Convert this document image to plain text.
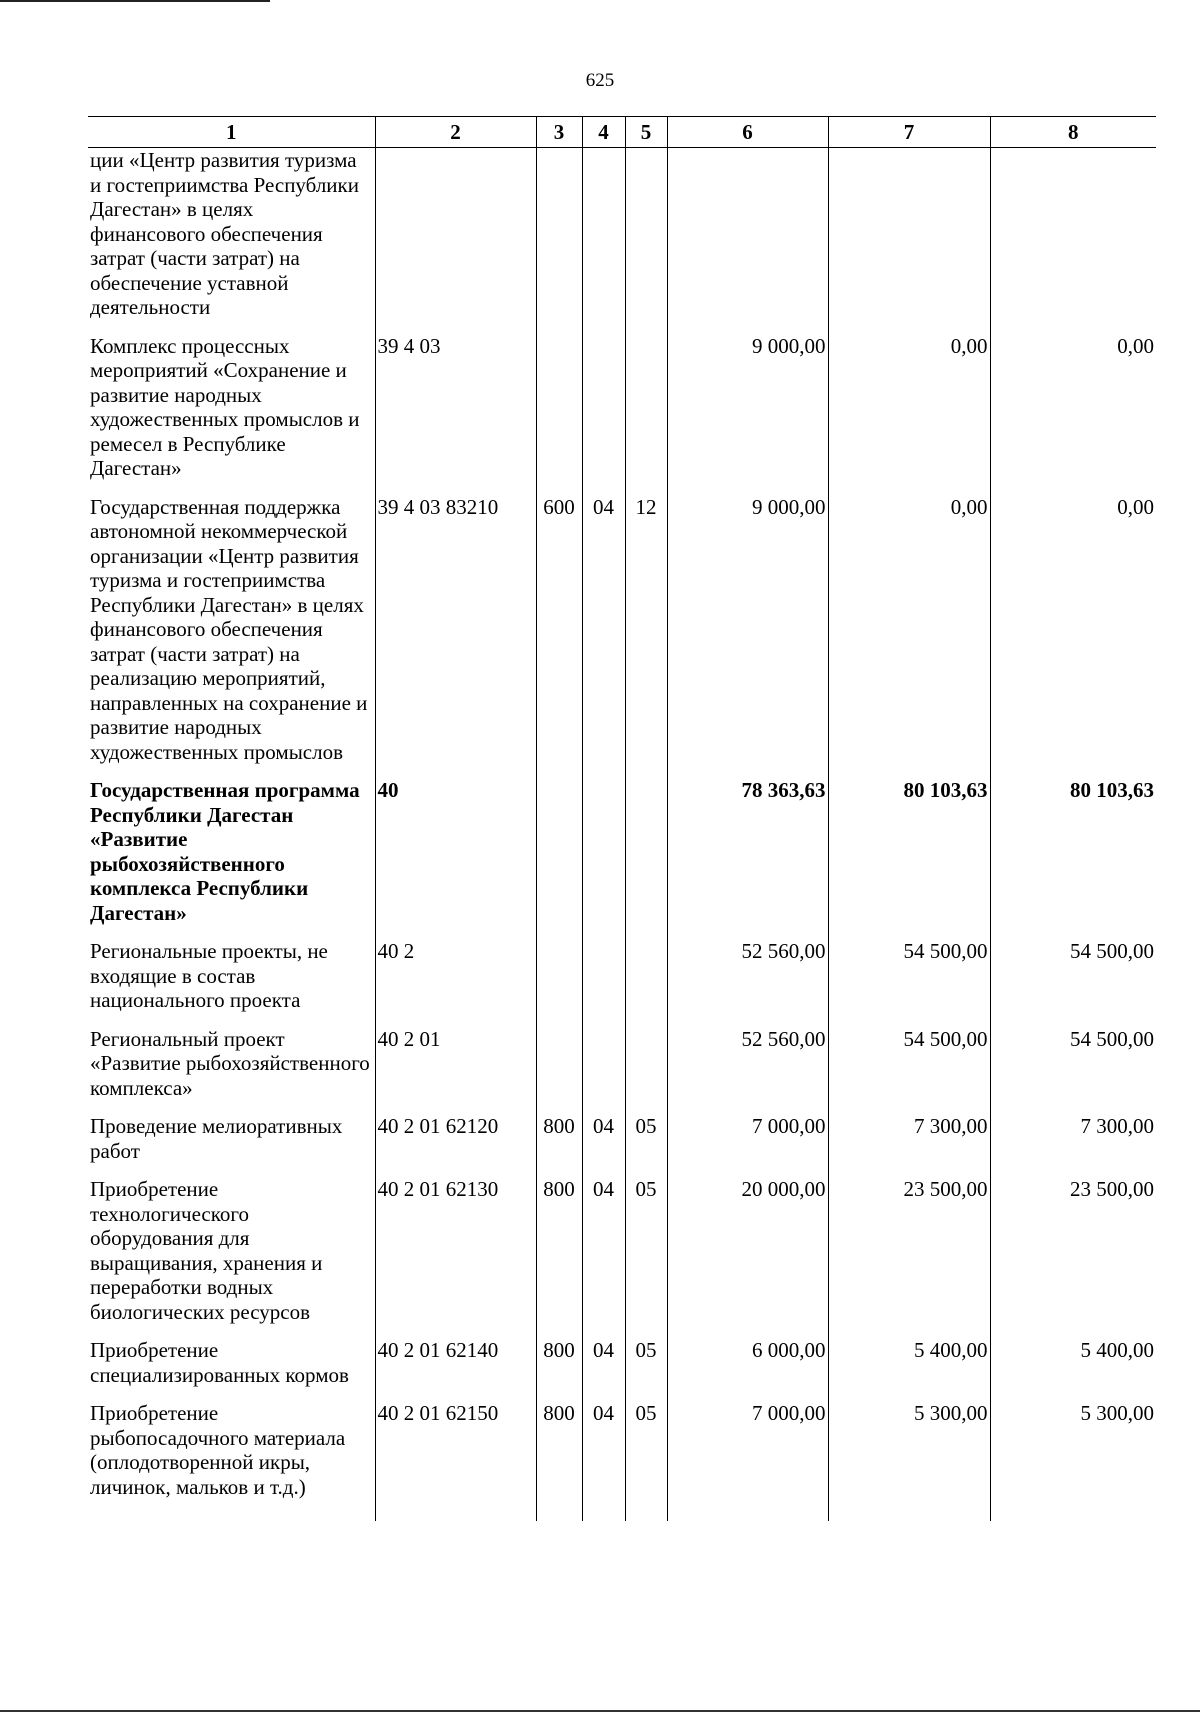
625
1	2	3	4	5	6	7	8
ции «Центр развития туризма и гостеприимства Республики Дагестан» в целях финансового обеспечения затрат (части затрат) на обеспечение уставной деятельности							

Комплекс процессных мероприятий «Сохранение и развитие народных художественных промыслов и ремесел в Республике Дагестан»	39 4 03				9 000,00	0,00	0,00

Государственная поддержка автономной некоммерческой организации «Центр развития туризма и гостеприимства Республики Дагестан» в целях финансового обеспечения затрат (части затрат) на реализацию мероприятий, направленных на сохранение и развитие народных художественных промыслов	39 4 03 83210	600	04	12	9 000,00	0,00	0,00

Государственная программа Республики Дагестан «Развитие рыбохозяйственного комплекса Республики Дагестан»	40				78 363,63	80 103,63	80 103,63

Региональные проекты, не входящие в состав национального проекта	40 2				52 560,00	54 500,00	54 500,00

Региональный проект «Развитие рыбохозяйственного комплекса»	40 2 01				52 560,00	54 500,00	54 500,00

Проведение мелиоративных работ	40 2 01 62120	800	04	05	7 000,00	7 300,00	7 300,00

Приобретение технологического оборудования для выращивания, хранения и переработки водных биологических ресурсов	40 2 01 62130	800	04	05	20 000,00	23 500,00	23 500,00

Приобретение специализированных кормов	40 2 01 62140	800	04	05	6 000,00	5 400,00	5 400,00

Приобретение рыбопосадочного материала (оплодотворенной икры, личинок, мальков и т.д.)	40 2 01 62150	800	04	05	7 000,00	5 300,00	5 300,00
